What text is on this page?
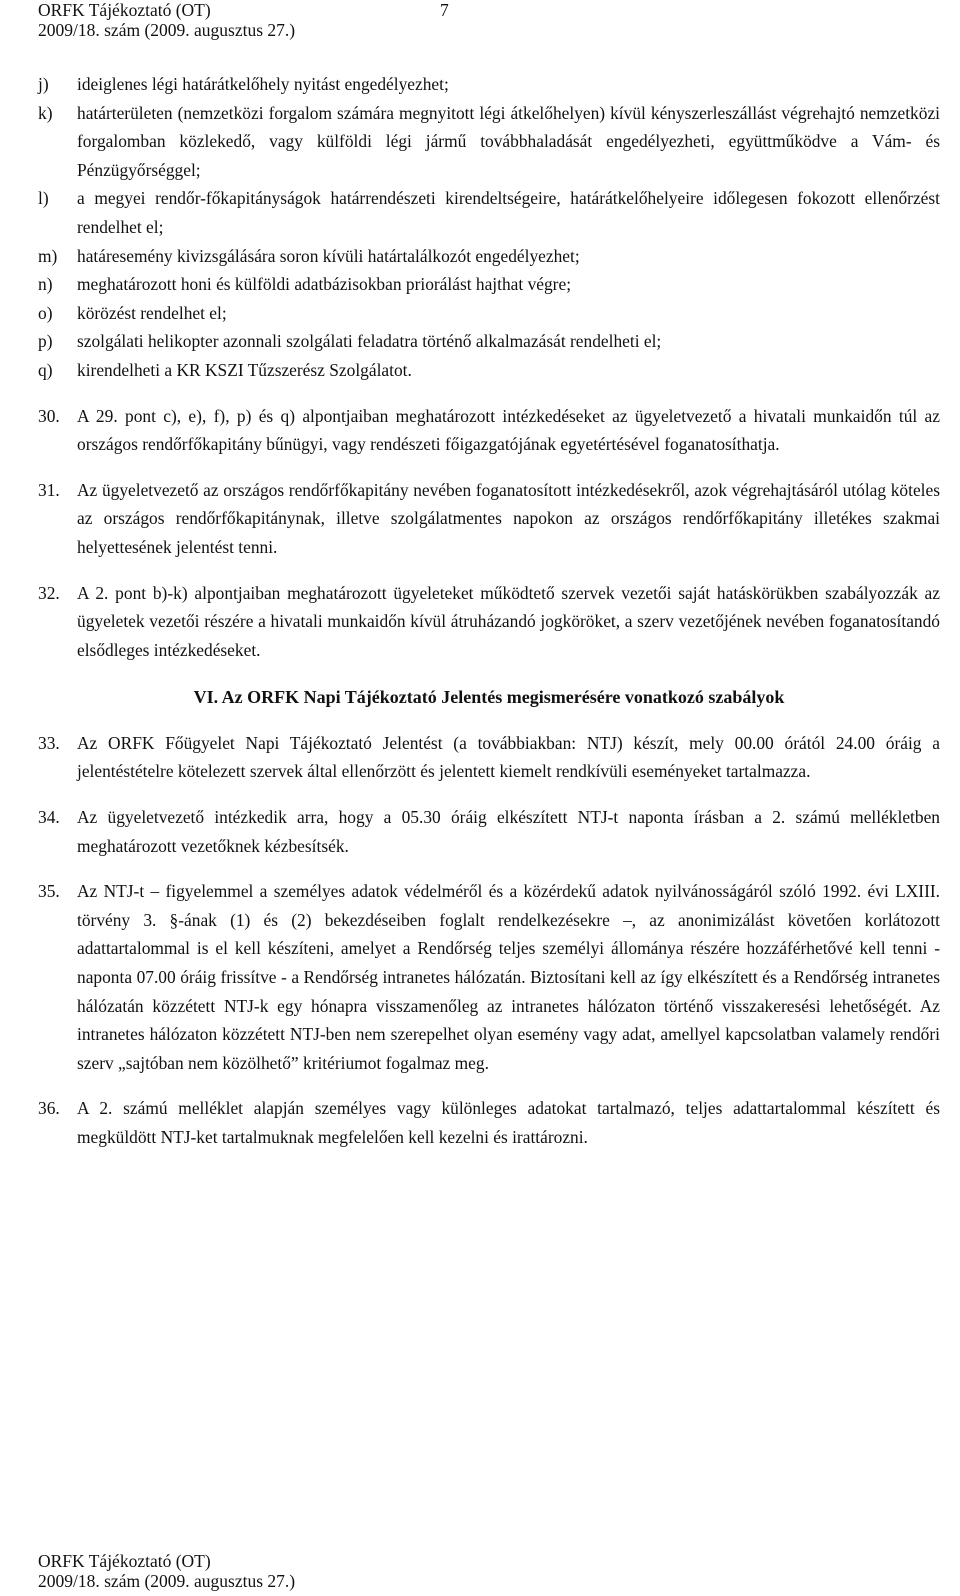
ORFK Tájékoztató (OT)
2009/18. szám (2009. augusztus 27.)
7
j) ideiglenes légi határátkelőhely nyitást engedélyezhet;
k) határterületen (nemzetközi forgalom számára megnyitott légi átkelőhelyen) kívül kényszerleszállást végrehajtó nemzetközi forgalomban közlekedő, vagy külföldi légi jármű továbbhaladását engedélyezheti, együttműködve a Vám- és Pénzügyőrséggel;
l) a megyei rendőr-főkapitányságok határrendészeti kirendeltségeire, határátkelőhelyeire időlegesen fokozott ellenőrzést rendelhet el;
m) határesemény kivizsgálására soron kívüli határtalálkozót engedélyezhet;
n) meghatározott honi és külföldi adatbázisokban priorálást hajthat végre;
o) körözést rendelhet el;
p) szolgálati helikopter azonnali szolgálati feladatra történő alkalmazását rendelheti el;
q) kirendelheti a KR KSZI Tűzszerész Szolgálatot.
30. A 29. pont c), e), f), p) és q) alpontjaiban meghatározott intézkedéseket az ügyeletvezető a hivatali munkaidőn túl az országos rendőrfőkapitány bűnügyi, vagy rendészeti főigazgatójának egyetértésével foganatosíthatja.
31. Az ügyeletvezető az országos rendőrfőkapitány nevében foganatosított intézkedésekről, azok végrehajtásáról utólag köteles az országos rendőrfőkapitánynak, illetve szolgálatmentes napokon az országos rendőrfőkapitány illetékes szakmai helyettesének jelentést tenni.
32. A 2. pont b)-k) alpontjaiban meghatározott ügyeleteket működtető szervek vezetői saját hatáskörükben szabályozzák az ügyeletek vezetői részére a hivatali munkaidőn kívül átruházandó jogköröket, a szerv vezetőjének nevében foganatosítandó elsődleges intézkedéseket.
VI. Az ORFK Napi Tájékoztató Jelentés megismerésére vonatkozó szabályok
33. Az ORFK Főügyelet Napi Tájékoztató Jelentést (a továbbiakban: NTJ) készít, mely 00.00 órától 24.00 óráig a jelentéstételre kötelezett szervek által ellenőrzött és jelentett kiemelt rendkívüli eseményeket tartalmazza.
34. Az ügyeletvezető intézkedik arra, hogy a 05.30 óráig elkészített NTJ-t naponta írásban a 2. számú mellékletben meghatározott vezetőknek kézbesítsék.
35. Az NTJ-t – figyelemmel a személyes adatok védelméről és a közérdekű adatok nyilvánosságáról szóló 1992. évi LXIII. törvény 3. §-ának (1) és (2) bekezdéseiben foglalt rendelkezésekre –, az anonimizálást követően korlátozott adattartalommal is el kell készíteni, amelyet a Rendőrség teljes személyi állománya részére hozzáférhetővé kell tenni - naponta 07.00 óráig frissítve - a Rendőrség intranetes hálózatán. Biztosítani kell az így elkészített és a Rendőrség intranetes hálózatán közzétett NTJ-k egy hónapra visszamenőleg az intranetes hálózaton történő visszakeresési lehetőségét. Az intranetes hálózaton közzétett NTJ-ben nem szerepelhet olyan esemény vagy adat, amellyel kapcsolatban valamely rendőri szerv „sajtóban nem közölhető” kritériumot fogalmaz meg.
36. A 2. számú melléklet alapján személyes vagy különleges adatokat tartalmazó, teljes adattartalommal készített és megküldött NTJ-ket tartalmuknak megfelelően kell kezelni és irattározni.
ORFK Tájékoztató (OT)
2009/18. szám (2009. augusztus 27.)
